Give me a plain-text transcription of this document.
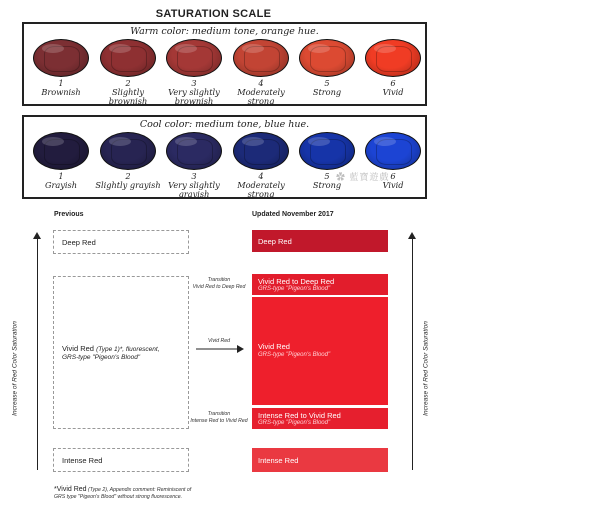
SATURATION SCALE
Warm color: medium tone, orange hue.
1
Brownish
2
Slightly brownish
3
Very slightly brownish
4
Moderately strong
5
Strong
6
Vivid
Cool color: medium tone, blue hue.
1
Grayish
2
Slightly grayish
3
Very slightly grayish
4
Moderately strong
5
Strong
6
Vivid
✿ 藍寶遊戲
Previous	Updated November 2017
Increase of Red Color Saturation	Increase of Red Color Saturation
Deep Red
Vivid Red (Type 1)*, fluorescent,
GRS-type "Pigeon's Blood"
Intense Red
Transition
Vivid Red to Deep Red
Vivid Red
Transition
Intense Red to Vivid Red
Deep Red
Vivid Red to Deep Red
GRS-type "Pigeon's Blood"
Vivid Red
GRS-type "Pigeon's Blood"
Intense Red to Vivid Red
GRS-type "Pigeon's Blood"
Intense Red
*Vivid Red (Type 2), Appendix comment: Reminiscent of
GRS type "Pigeon's Blood" without strong fluorescence.
